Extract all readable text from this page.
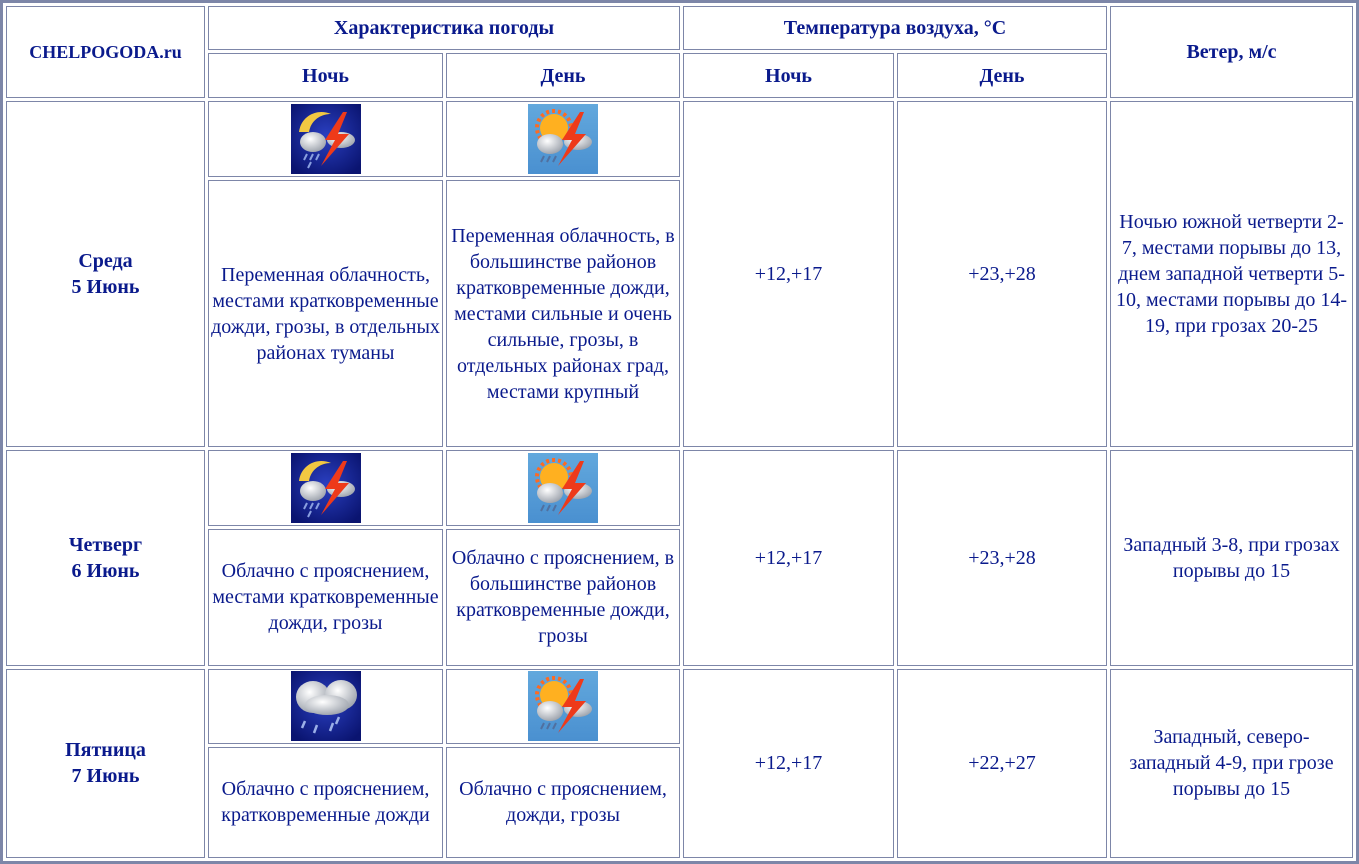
CHELPOGODA.ru	Характеристика погоды		Температура воздуха, °С		Ветер, м/с
	Ночь	День	Ночь	День	
Среда
5 Июнь			+12,+17	+23,+28	Ночью южной четверти 2-7, местами порывы до 13, днем западной четверти 5-10, местами порывы до 14-19, при грозах 20-25
	Переменная облачность, местами кратковременные дожди, грозы, в отдельных районах туманы	Переменная облачность, в большинстве районов кратковременные дожди, местами сильные и очень сильные, грозы, в отдельных районах град, местами крупный			
Четверг
6 Июнь			+12,+17	+23,+28	Западный 3-8, при грозах порывы до 15
	Облачно с прояснением, местами кратковременные дожди, грозы	Облачно с прояснением, в большинстве районов кратковременные дожди, грозы			
Пятница
7 Июнь			+12,+17	+22,+27	Западный, северо-западный 4-9, при грозе порывы до 15
	Облачно с прояснением, кратковременные дожди	Облачно с прояснением, дожди, грозы			
